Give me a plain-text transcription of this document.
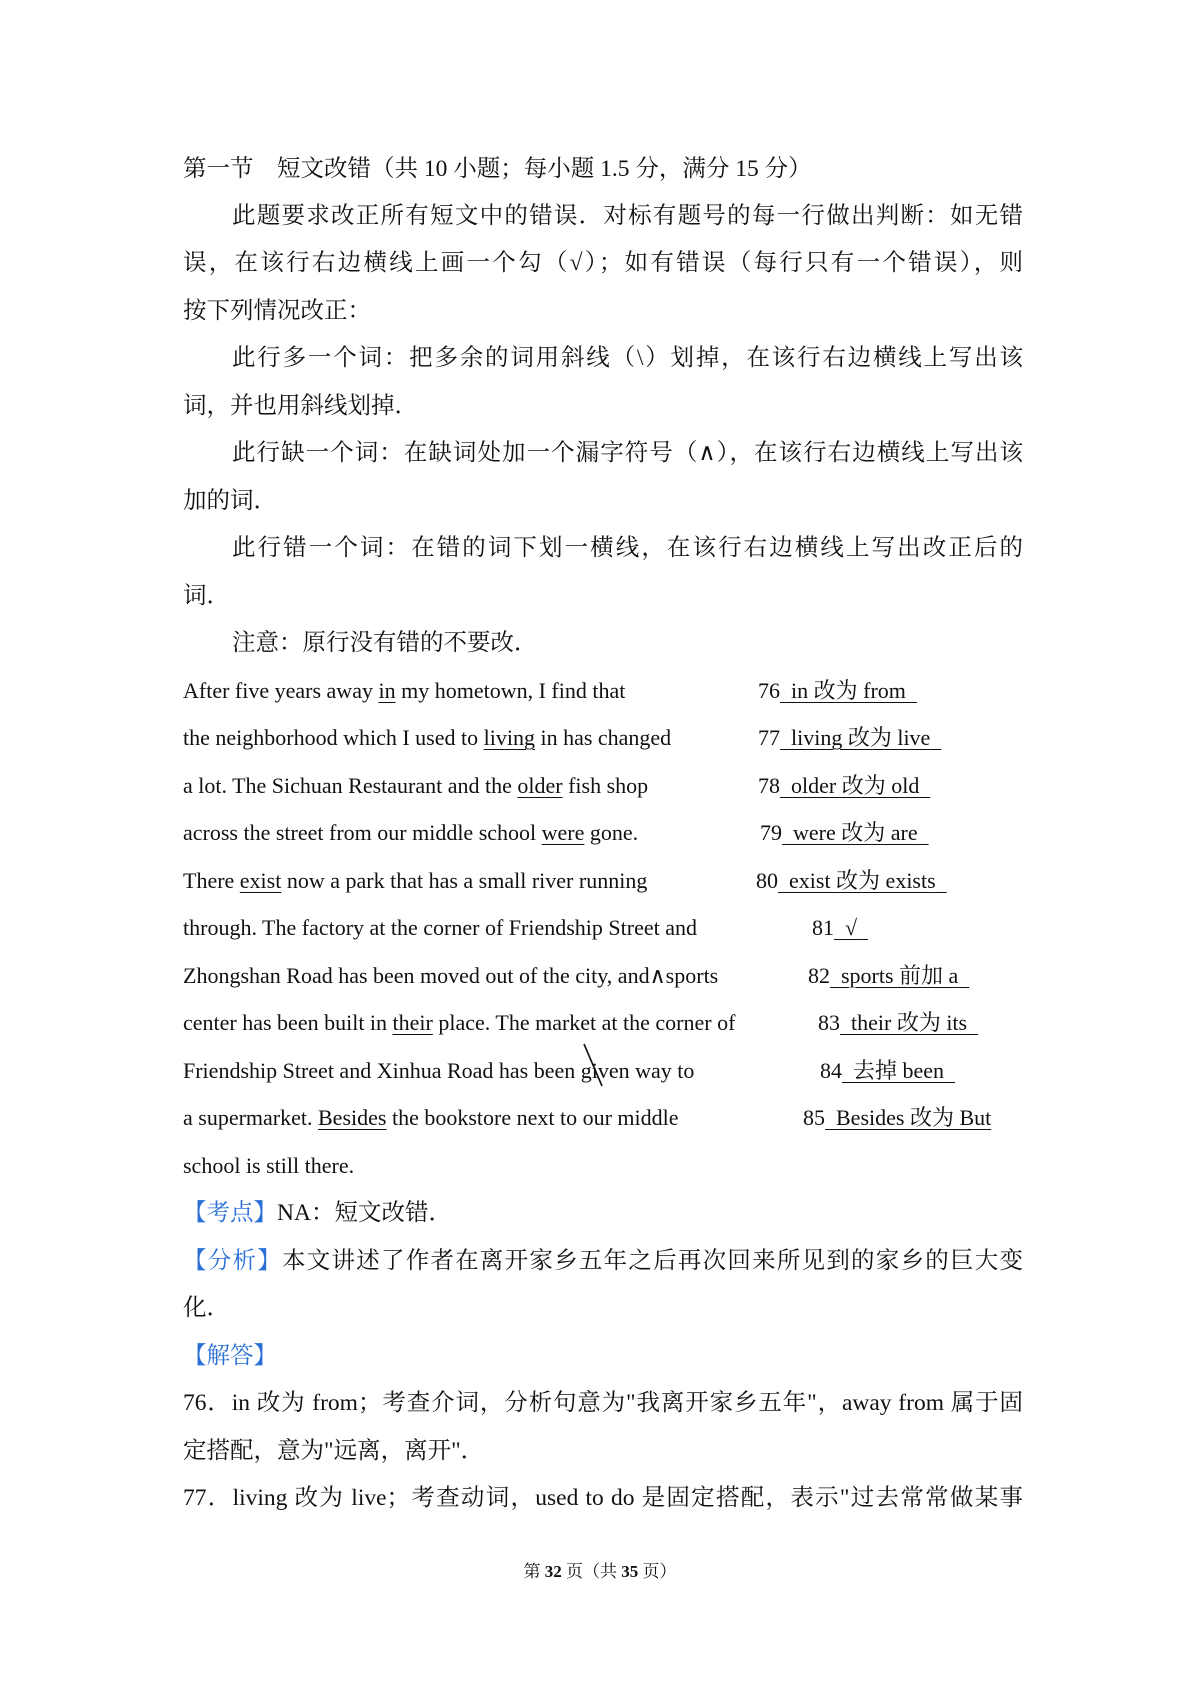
第一节　短文改错（共 10 小题；每小题 1.5 分，满分 15 分）
此题要求改正所有短文中的错误．对标有题号的每一行做出判断：如无错
误，在该行右边横线上画一个勾（√）；如有错误（每行只有一个错误），则
按下列情况改正：
此行多一个词：把多余的词用斜线（\）划掉，在该行右边横线上写出该
词，并也用斜线划掉．
此行缺一个词：在缺词处加一个漏字符号（∧），在该行右边横线上写出该
加的词．
此行错一个词：在错的词下划一横线，在该行右边横线上写出改正后的
词．
注意：原行没有错的不要改．
After five years away in my hometown, I find that	76 in 改为 from
the neighborhood which I used to living in has changed	77 living 改为 live
a lot. The Sichuan Restaurant and the older fish shop	78 older 改为 old
across the street from our middle school were gone.	79 were 改为 are
There exist now a park that has a small river running	80 exist 改为 exists
through. The factory at the corner of Friendship Street and	81 √
Zhongshan Road has been moved out of the city, and∧sports	82 sports 前加 a
center has been built in their place. The market at the corner of	83 their 改为 its
Friendship Street and Xinhua Road has been given way to	84 去掉 been
a supermarket. Besides the bookstore next to our middle	85 Besides 改为 But
school is still there.
【考点】NA：短文改错．
【分析】本文讲述了作者在离开家乡五年之后再次回来所见到的家乡的巨大变
化．
【解答】
76．in 改为 from；考查介词，分析句意为"我离开家乡五年"，away from 属于固
定搭配，意为"远离，离开"．
77．living 改为 live；考查动词，used to do 是固定搭配，表示"过去常常做某事
第 32 页（共 35 页）
